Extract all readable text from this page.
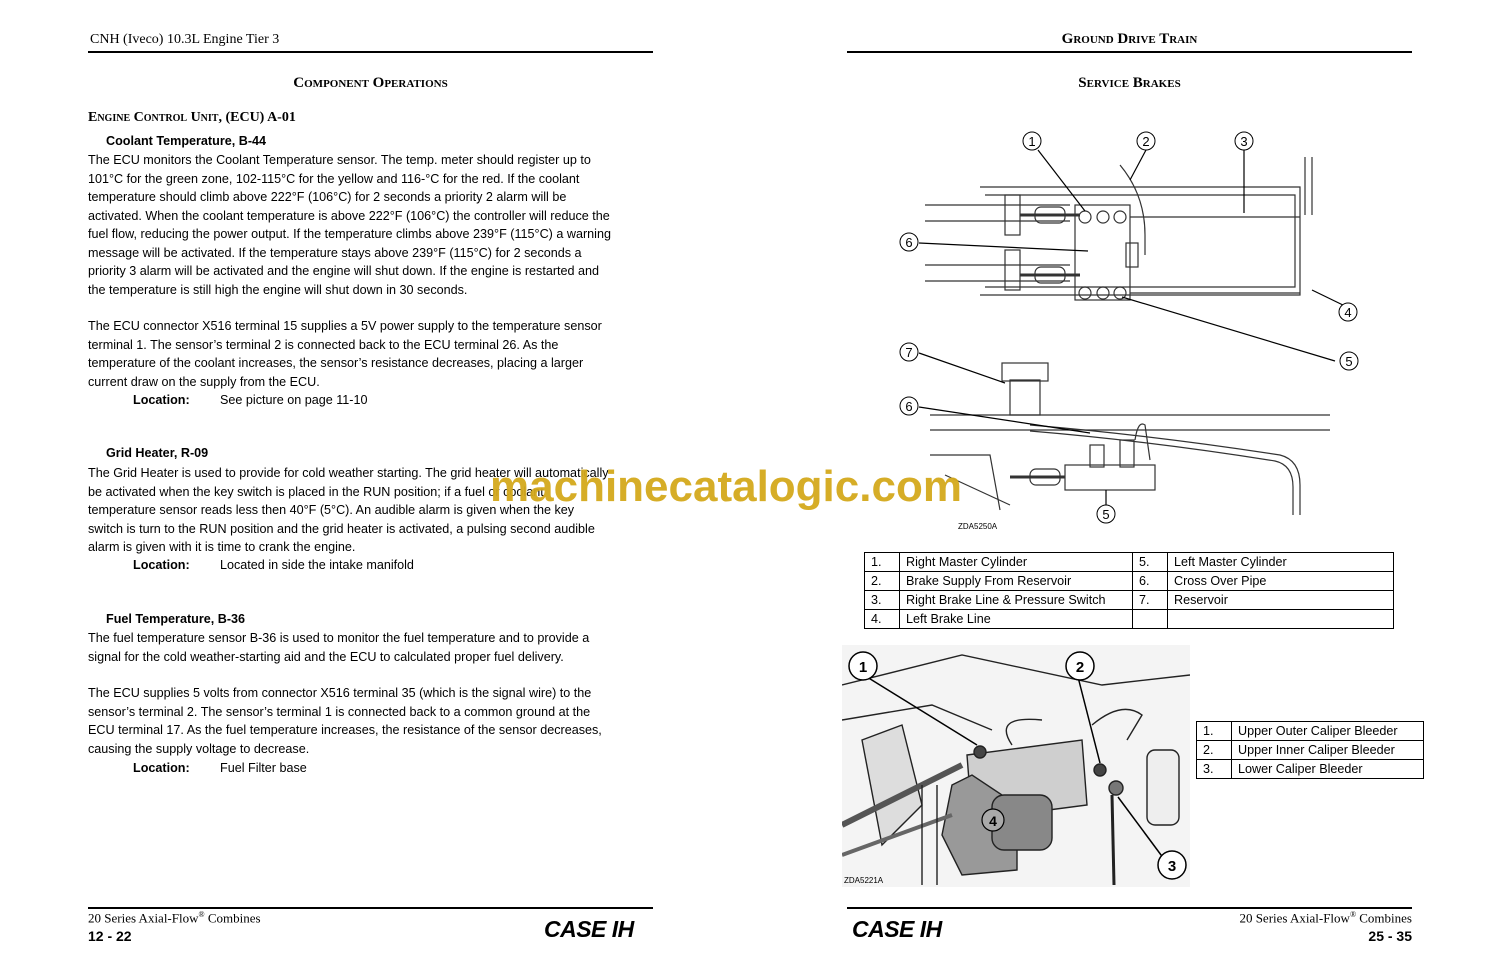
CNH (Iveco) 10.3L Engine Tier 3
Component Operations
Engine Control Unit, (ECU) A-01
Coolant Temperature, B-44
The ECU monitors the Coolant Temperature sensor. The temp. meter should register up to
101°C for the green zone, 102-115°C for the yellow and 116-°C for the red. If the coolant
temperature should climb above 222°F (106°C) for 2 seconds a priority 2 alarm will be
activated. When the coolant temperature is above 222°F (106°C) the controller will reduce the
fuel flow, reducing the power output. If the temperature climbs above 239°F (115°C) a warning
message will be activated. If the temperature stays above 239°F (115°C) for 2 seconds a
priority 3 alarm will be activated and the engine will shut down. If the engine is restarted and
the temperature is still high the engine will shut down in 30 seconds.
The ECU connector X516 terminal 15 supplies a 5V power supply to the temperature sensor
terminal 1. The sensor’s terminal 2 is connected back to the ECU terminal 26. As the
temperature of the coolant increases, the sensor’s resistance decreases, placing a larger
current draw on the supply from the ECU.
Location: See picture on page 11-10
Grid Heater, R-09
The Grid Heater is used to provide for cold weather starting. The grid heater will automatically
be activated when the key switch is placed in the RUN position; if a fuel or coolant
temperature sensor reads less then 40°F (5°C). An audible alarm is given when the key
switch is turn to the RUN position and the grid heater is activated, a pulsing second audible
alarm is given with it is time to crank the engine.
Location: Located in side the intake manifold
Fuel Temperature, B-36
The fuel temperature sensor B-36 is used to monitor the fuel temperature and to provide a
signal for the cold weather-starting aid and the ECU to calculated proper fuel delivery.
The ECU supplies 5 volts from connector X516 terminal 35 (which is the signal wire) to the
sensor’s terminal 2. The sensor’s terminal 1 is connected back to a common ground at the
ECU terminal 17. As the fuel temperature increases, the resistance of the sensor decreases,
causing the supply voltage to decrease.
Location: Fuel Filter base
20 Series Axial-Flow® Combines
12 - 22	CASE IH
Ground Drive Train
Service Brakes
1	2	3
4
5
6
7
6
5
ZDA5250A
1.	Right Master Cylinder	5.	Left Master Cylinder
2.	Brake Supply From Reservoir	6.	Cross Over Pipe
3.	Right Brake Line & Pressure Switch	7.	Reservoir
4.	Left Brake Line		
1	2
3
4
ZDA5221A
1.	Upper Outer Caliper Bleeder
2.	Upper Inner Caliper Bleeder
3.	Lower Caliper Bleeder
CASE IH	20 Series Axial-Flow® Combines
25 - 35
machinecatalogic.com
